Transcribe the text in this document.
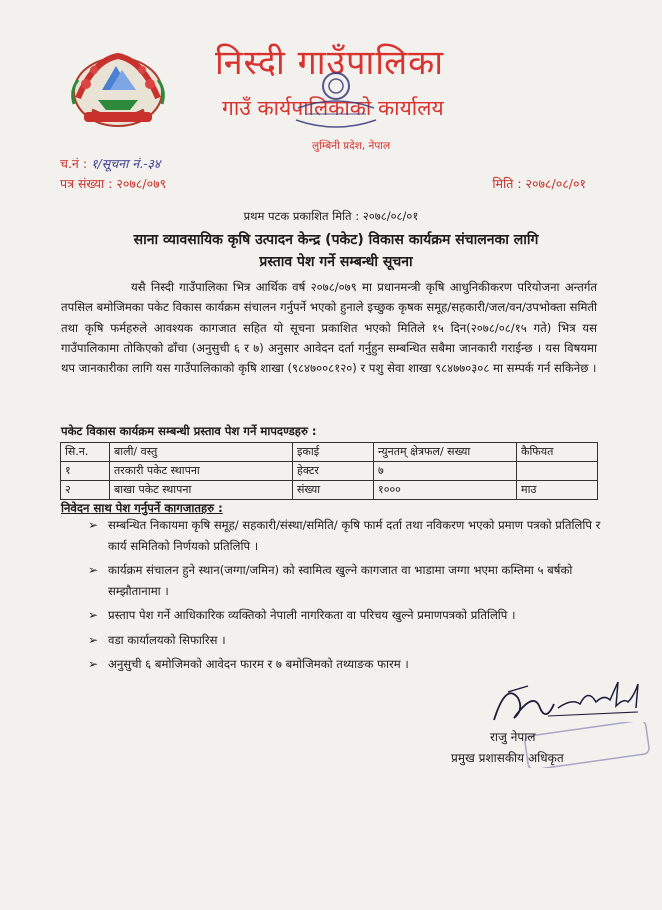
निस्दी गाउँपालिका
गाउँ कार्यपालिकाको कार्यालय
लुम्बिनी प्रदेश, नेपाल
च.नं : १/सूचना नं.-३४
पत्र संख्या : २०७८/०७९	मिति : २०७८/०८/०१
प्रथम पटक प्रकाशित मिति : २०७८/०८/०१
साना व्यावसायिक कृषि उत्पादन केन्द्र (पकेट) विकास कार्यक्रम संचालनका लागि
प्रस्ताव पेश गर्ने सम्बन्धी सूचना
यसै निस्दी गाउँपालिका भित्र आर्थिक वर्ष २०७८/०७९ मा प्रधानमन्त्री कृषि आधुनिकीकरण परियोजना अन्तर्गत तपसिल बमोजिमका पकेट विकास कार्यक्रम संचालन गर्नुपर्ने भएको हुनाले इच्छुक कृषक समूह/सहकारी/जल/वन/उपभोक्ता समिती तथा कृषि फर्महरुले आवश्यक कागजात सहित यो सूचना प्रकाशित भएको मितिले १५ दिन(२०७८/०८/१५ गते) भित्र यस गाउँपालिकामा तोकिएको ढाँचा (अनुसुची ६ र ७) अनुसार आवेदन दर्ता गर्नुहुन सम्बन्धित सबैमा जानकारी गराईन्छ । यस विषयमा थप जानकारीका लागि यस गाउँपालिकाको कृषि शाखा (९८४७००८१२०) र पशु सेवा शाखा ९८४७७०३०८ मा सम्पर्क गर्न सकिनेछ ।
पकेट विकास कार्यक्रम सम्बन्धी प्रस्ताव पेश गर्ने मापदण्डहरु :
सि.न.	बाली/ वस्तु	इकाई	न्युनतम् क्षेत्रफल/ सख्या	कैफियत
१	तरकारी पकेट स्थापना	हेक्टर	७	
२	बाखा पकेट स्थापना	संख्या	१०००	माउ
निवेदन साथ पेश गर्नुपर्ने कागजातहरु :
➢ सम्बन्धित निकायमा कृषि समूह/ सहकारी/संस्था/समिति/ कृषि फार्म दर्ता तथा नविकरण भएको प्रमाण पत्रको प्रतिलिपि र कार्य समितिको निर्णयको प्रतिलिपि ।
➢ कार्यक्रम संचालन हुने स्थान(जग्गा/जमिन) को स्वामित्व खुल्ने कागजात वा भाडामा जग्गा भएमा कम्तिमा ५ बर्षको सम्झौतानामा ।
➢ प्रस्ताप पेश गर्ने आधिकारिक व्यक्तिको नेपाली नागरिकता वा परिचय खुल्ने प्रमाणपत्रको प्रतिलिपि ।
➢ वडा कार्यालयको सिफारिस ।
➢ अनुसुची ६ बमोजिमको आवेदन फारम र ७ बमोजिमको तथ्याङक फारम ।
राजु नेपाल
प्रमुख प्रशासकीय अधिकृत
